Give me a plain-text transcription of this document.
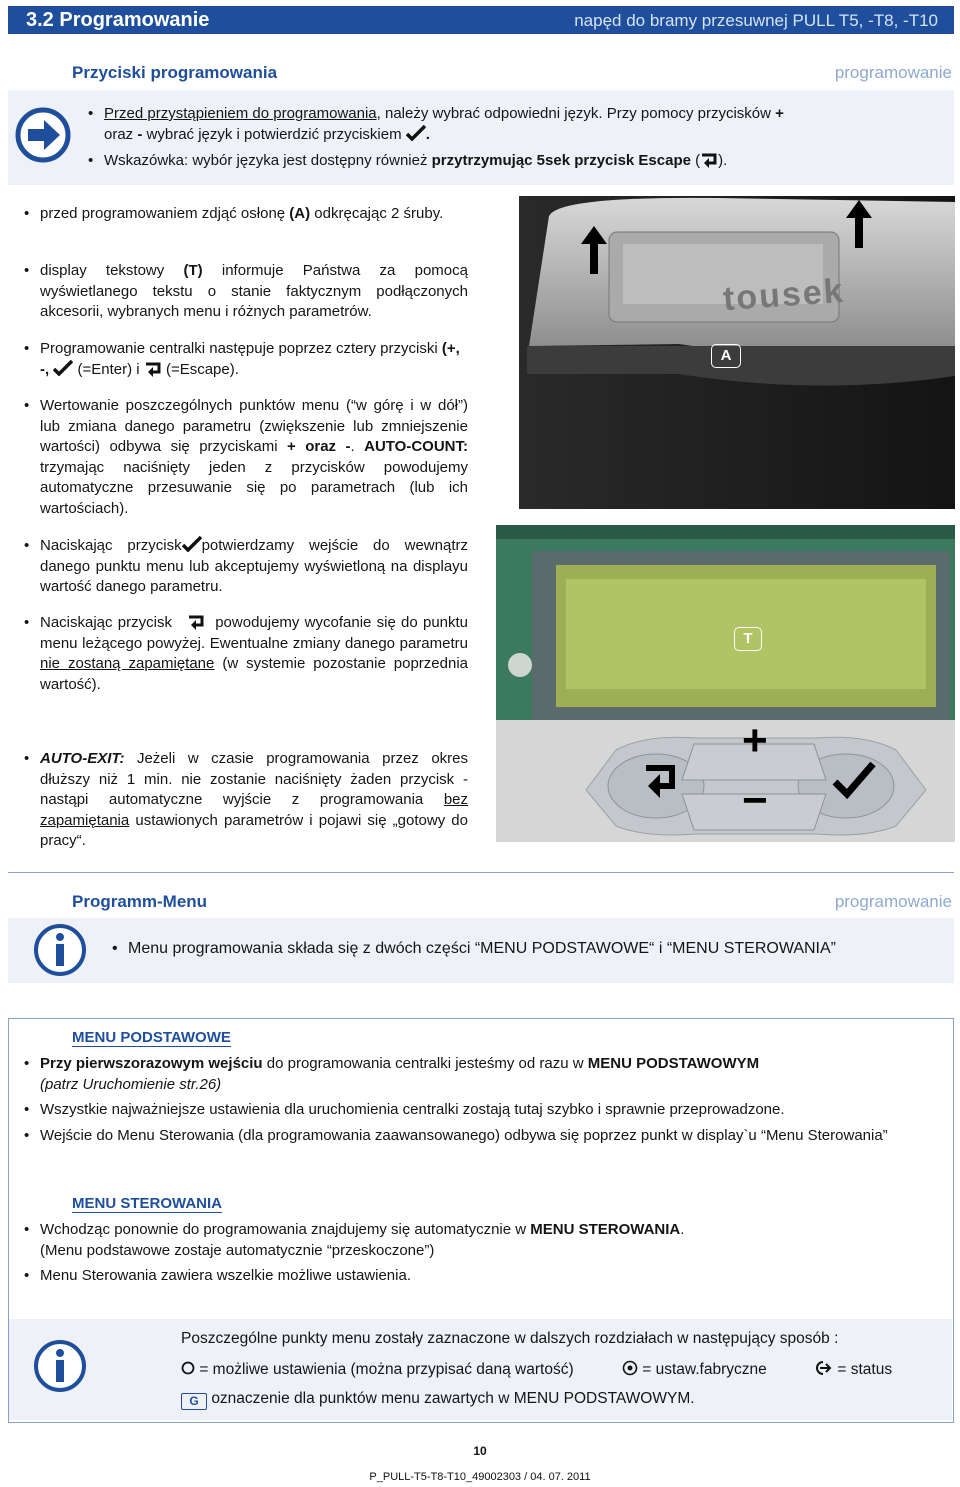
3.2 Programowanie	napęd do bramy przesuwnej PULL T5, -T8, -T10
Przyciski programowania	programowanie
• Przed przystąpieniem do programowania, należy wybrać odpowiedni język. Przy pomocy przycisków +
oraz - wybrać język i potwierdzić przyciskiem .
• Wskazówka: wybór języka jest dostępny również przytrzymując 5sek przycisk Escape ( ).
• przed programowaniem zdjąć osłonę (A) odkręcając 2 śruby.
• display tekstowy (T) informuje Państwa za pomocą wyświetlanego tekstu o stanie faktycznym podłączonych akcesorii, wybranych menu i różnych parametrów.
• Programowanie centralki następuje poprzez cztery przyciski (+, -,  (=Enter) i  (=Escape).
• Wertowanie poszczególnych punktów menu (“w górę i w dół”) lub zmiana danego parametru (zwiększenie lub zmniejszenie wartości) odbywa się przyciskami + oraz -. AUTO-COUNT: trzymając naciśnięty jeden z przycisków powodujemy automatyczne przesuwanie się po parametrach (lub ich wartościach).
• Naciskając przycisk potwierdzamy wejście do wewnątrz danego punktu menu lub akceptujemy wyświetloną na displayu wartość danego parametru.
• Naciskając przycisk	powodujemy wycofanie się do punktu menu leżącego powyżej. Ewentualne zmiany danego parametru nie zostaną zapamiętane (w systemie pozostanie poprzednia wartość).
• AUTO-EXIT: Jeżeli w czasie programowania przez okres dłuższy niż 1 min. nie zostanie naciśnięty żaden przycisk - nastąpi automatyczne wyjście z programowania bez zapamiętania ustawionych parametrów i pojawi się „gotowy do pracy“.
tousek
A
T
+
−
Programm-Menu	programowanie
• Menu programowania składa się z dwóch części “MENU PODSTAWOWE“ i “MENU STEROWANIA”
MENU PODSTAWOWE
• Przy pierwszorazowym wejściu do programowania centralki jesteśmy od razu w MENU PODSTAWOWYM
(patrz Uruchomienie str.26)
• Wszystkie najważniejsze ustawienia dla uruchomienia centralki zostają tutaj szybko i sprawnie przeprowadzone.
• Wejście do Menu Sterowania (dla programowania zaawansowanego) odbywa się poprzez punkt w display`u “Menu Sterowania”
MENU STEROWANIA
• Wchodząc ponownie do programowania znajdujemy się automatycznie w MENU STEROWANIA.
(Menu podstawowe zostaje automatycznie “przeskoczone”)
• Menu Sterowania zawiera wszelkie możliwe ustawienia.
Poszczególne punkty menu zostały zaznaczone w dalszych rozdziałach w następujący sposób :
= możliwe ustawienia (można przypisać daną wartość)	= ustaw.fabryczne	= status
G oznaczenie dla punktów menu zawartych w MENU PODSTAWOWYM.
10
P_PULL-T5-T8-T10_49002303 / 04. 07. 2011
